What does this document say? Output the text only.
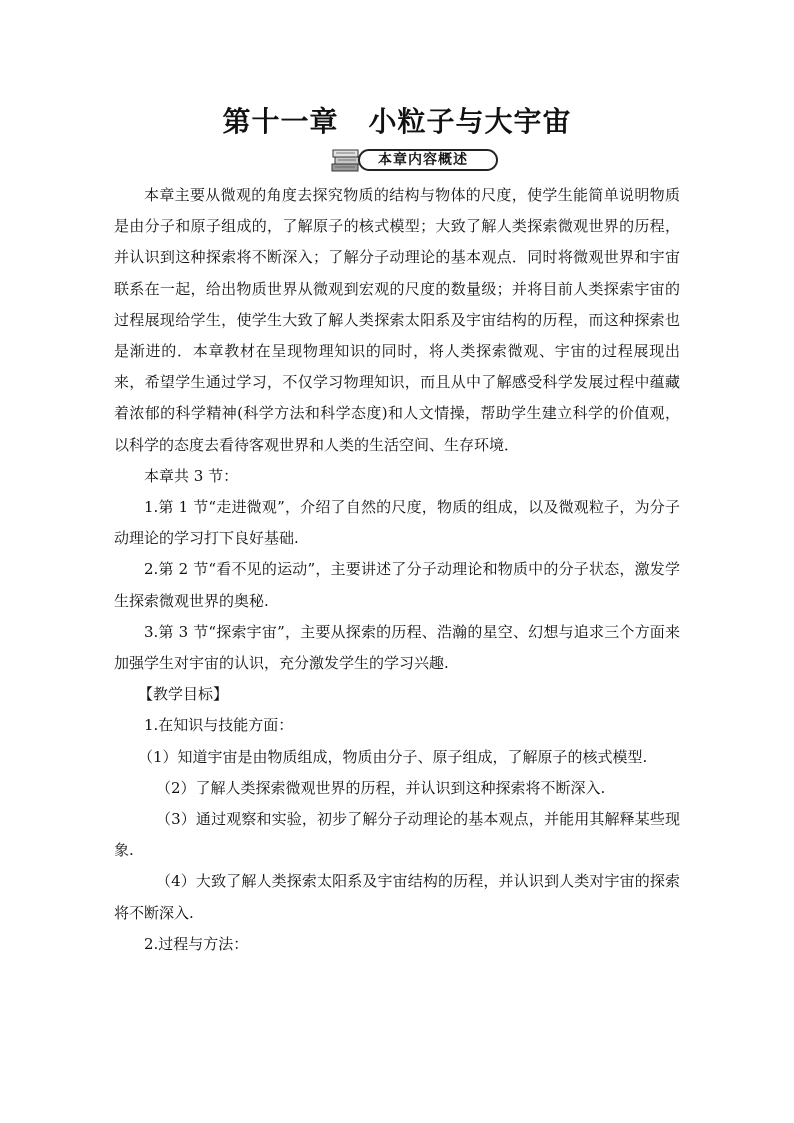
第十一章 小粒子与大宇宙
本章内容概述

本章主要从微观的角度去探究物质的结构与物体的尺度，使学生能简单说明物质是由分子和原子组成的，了解原子的核式模型；大致了解人类探索微观世界的历程，并认识到这种探索将不断深入；了解分子动理论的基本观点．同时将微观世界和宇宙联系在一起，给出物质世界从微观到宏观的尺度的数量级；并将目前人类探索宇宙的过程展现给学生，使学生大致了解人类探索太阳系及宇宙结构的历程，而这种探索也是渐进的．本章教材在呈现物理知识的同时，将人类探索微观、宇宙的过程展现出来，希望学生通过学习，不仅学习物理知识，而且从中了解感受科学发展过程中蕴藏着浓郁的科学精神(科学方法和科学态度)和人文情操，帮助学生建立科学的价值观，以科学的态度去看待客观世界和人类的生活空间、生存环境．

本章共 3 节：

1.第 1 节“走进微观”，介绍了自然的尺度，物质的组成，以及微观粒子，为分子动理论的学习打下良好基础.

2.第 2 节“看不见的运动”，主要讲述了分子动理论和物质中的分子状态，激发学生探索微观世界的奥秘.

3.第 3 节“探索宇宙”，主要从探索的历程、浩瀚的星空、幻想与追求三个方面来加强学生对宇宙的认识，充分激发学生的学习兴趣.

【教学目标】

1.在知识与技能方面：

（1）知道宇宙是由物质组成，物质由分子、原子组成，了解原子的核式模型.

（2）了解人类探索微观世界的历程，并认识到这种探索将不断深入.

（3）通过观察和实验，初步了解分子动理论的基本观点，并能用其解释某些现象.

（4）大致了解人类探索太阳系及宇宙结构的历程，并认识到人类对宇宙的探索将不断深入.

2.过程与方法：
